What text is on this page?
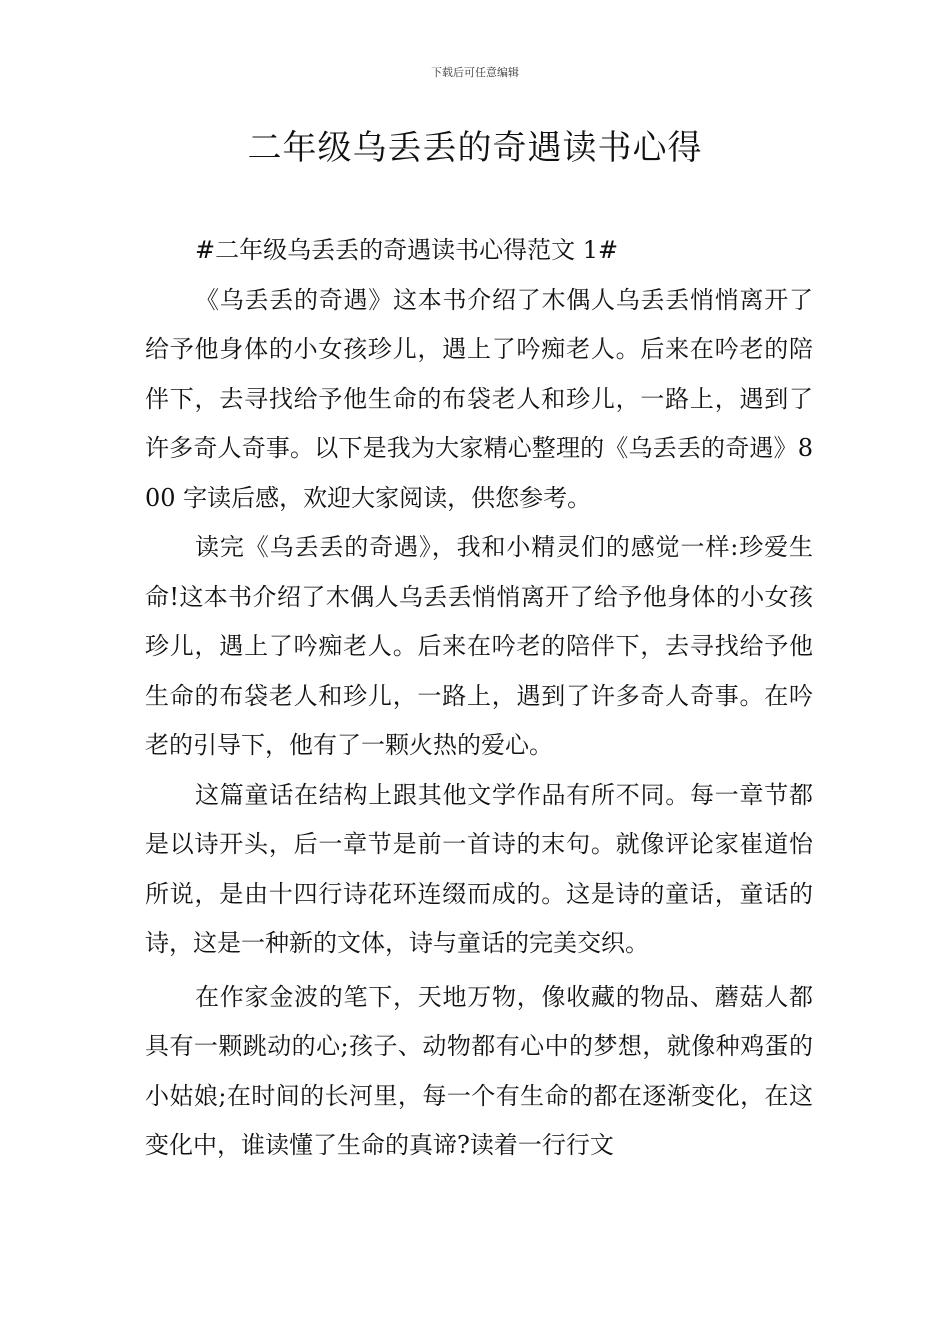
下载后可任意编辑
二年级乌丢丢的奇遇读书心得

#二年级乌丢丢的奇遇读书心得范文 1#

《乌丢丢的奇遇》这本书介绍了木偶人乌丢丢悄悄离开了给予他身体的小女孩珍儿，遇上了吟痴老人。后来在吟老的陪伴下，去寻找给予他生命的布袋老人和珍儿，一路上，遇到了许多奇人奇事。以下是我为大家精心整理的《乌丢丢的奇遇》800 字读后感，欢迎大家阅读，供您参考。

读完《乌丢丢的奇遇》，我和小精灵们的感觉一样:珍爱生命!这本书介绍了木偶人乌丢丢悄悄离开了给予他身体的小女孩珍儿，遇上了吟痴老人。后来在吟老的陪伴下，去寻找给予他生命的布袋老人和珍儿，一路上，遇到了许多奇人奇事。在吟老的引导下，他有了一颗火热的爱心。

这篇童话在结构上跟其他文学作品有所不同。每一章节都是以诗开头，后一章节是前一首诗的末句。就像评论家崔道怡所说，是由十四行诗花环连缀而成的。这是诗的童话，童话的诗，这是一种新的文体，诗与童话的完美交织。

在作家金波的笔下，天地万物，像收藏的物品、蘑菇人都具有一颗跳动的心;孩子、动物都有心中的梦想，就像种鸡蛋的小姑娘;在时间的长河里，每一个有生命的都在逐渐变化，在这变化中，谁读懂了生命的真谛?读着一行行文
